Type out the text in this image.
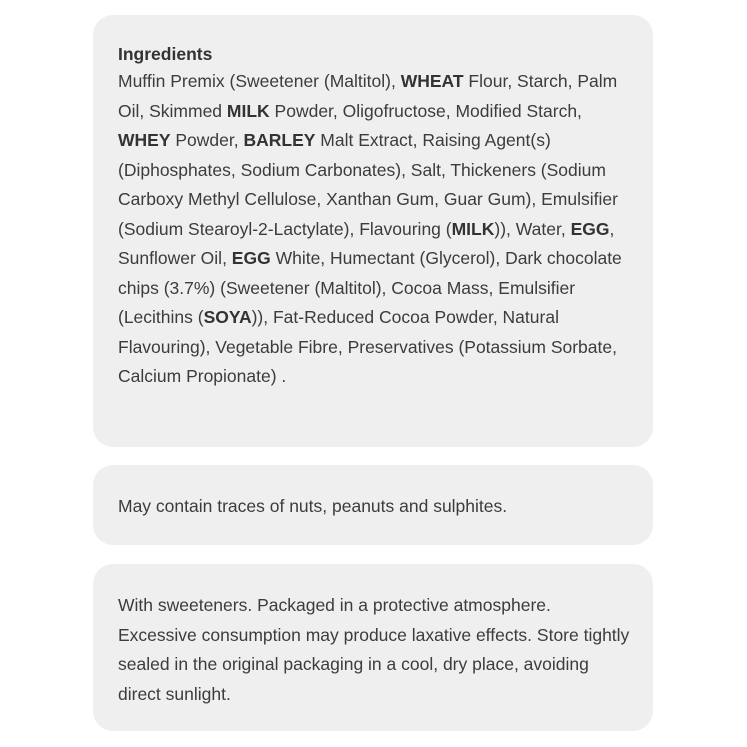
Ingredients

Muffin Premix (Sweetener (Maltitol), WHEAT Flour, Starch, Palm Oil, Skimmed MILK Powder, Oligofructose, Modified Starch, WHEY Powder, BARLEY Malt Extract, Raising Agent(s) (Diphosphates, Sodium Carbonates), Salt, Thickeners (Sodium Carboxy Methyl Cellulose, Xanthan Gum, Guar Gum), Emulsifier (Sodium Stearoyl-2-Lactylate), Flavouring (MILK)), Water, EGG, Sunflower Oil, EGG White, Humectant (Glycerol), Dark chocolate chips (3.7%) (Sweetener (Maltitol), Cocoa Mass, Emulsifier (Lecithins (SOYA)), Fat-Reduced Cocoa Powder, Natural Flavouring), Vegetable Fibre, Preservatives (Potassium Sorbate, Calcium Propionate) .

May contain traces of nuts, peanuts and sulphites.

With sweeteners. Packaged in a protective atmosphere. Excessive consumption may produce laxative effects. Store tightly sealed in the original packaging in a cool, dry place, avoiding direct sunlight.
